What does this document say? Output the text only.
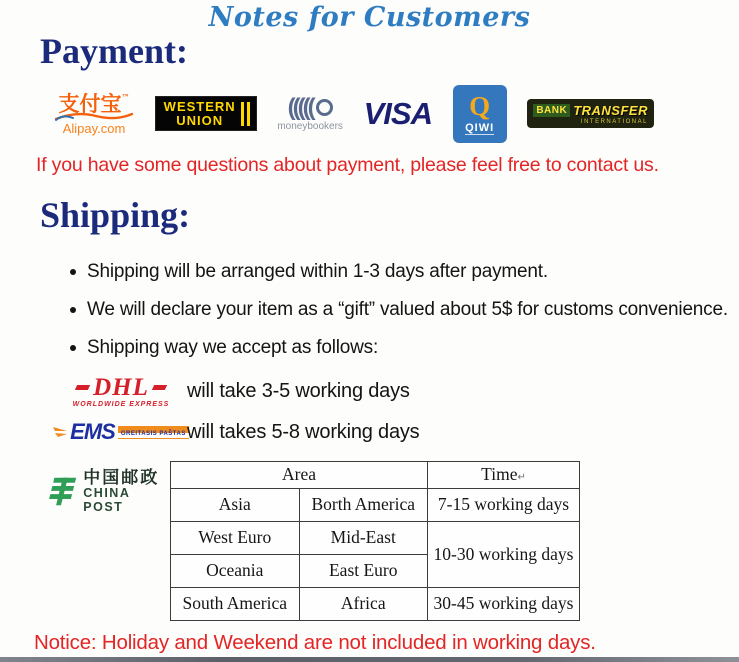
Notes for Customers
Payment:
支付宝™
Alipay.com
WESTERN
UNION	(((((
moneybookers VISA Q
QIWI
BANK TRANSFER
INTERNATIONAL
If you have some questions about payment, please feel free to contact us.
Shipping:
Shipping will be arranged within 1-3 days after payment.
We will declare your item as a “gift” valued about 5$ for customs convenience.
Shipping way we accept as follows:
DHL
WORLDWIDE EXPRESS
will take 3-5 working days
EMS	GREITASIS PAŠTAS will takes 5-8 working days
中国邮政
CHINA POST
Area		Time↵
Asia	Borth America	7-15 working days
West Euro	Mid-East	10-30 working days
Oceania	East Euro	
South America	Africa	30-45 working days
Notice: Holiday and Weekend are not included in working days.
